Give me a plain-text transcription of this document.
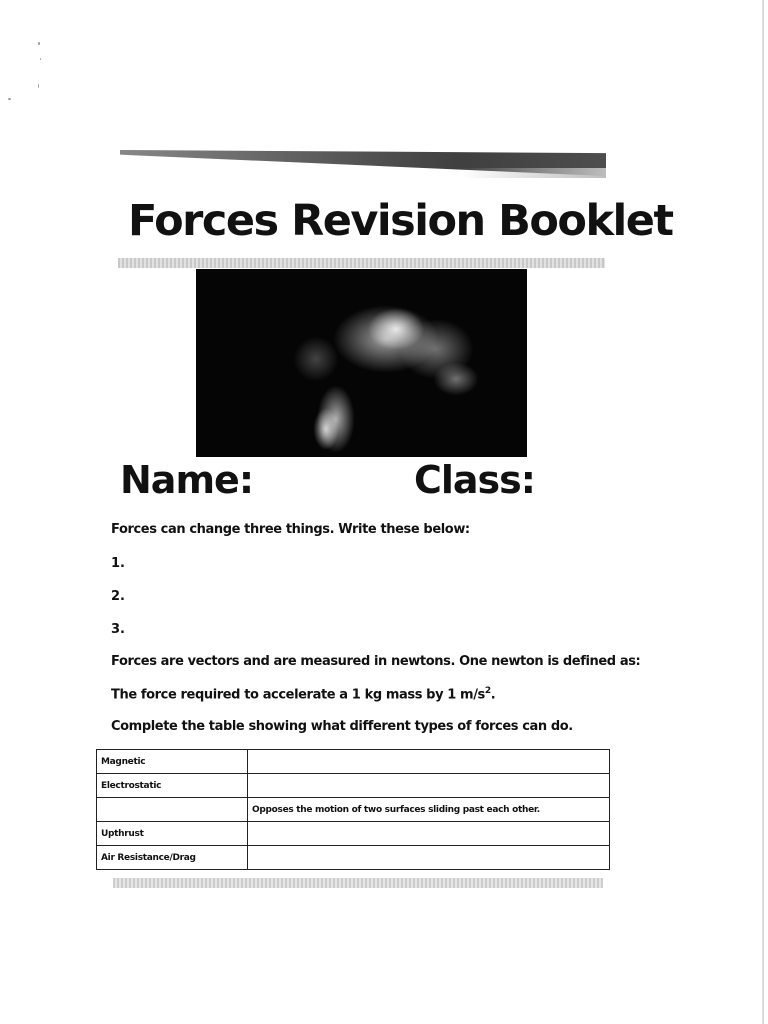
Forces Revision Booklet
Name:	Class:
Forces can change three things. Write these below:
1.
2.
3.
Forces are vectors and are measured in newtons. One newton is defined as:
The force required to accelerate a 1 kg mass by 1 $m/s^2$.
Complete the table showing what different types of forces can do.
Magnetic	
Electrostatic	
	Opposes the motion of two surfaces sliding past each other.
Upthrust	
Air Resistance/Drag	
